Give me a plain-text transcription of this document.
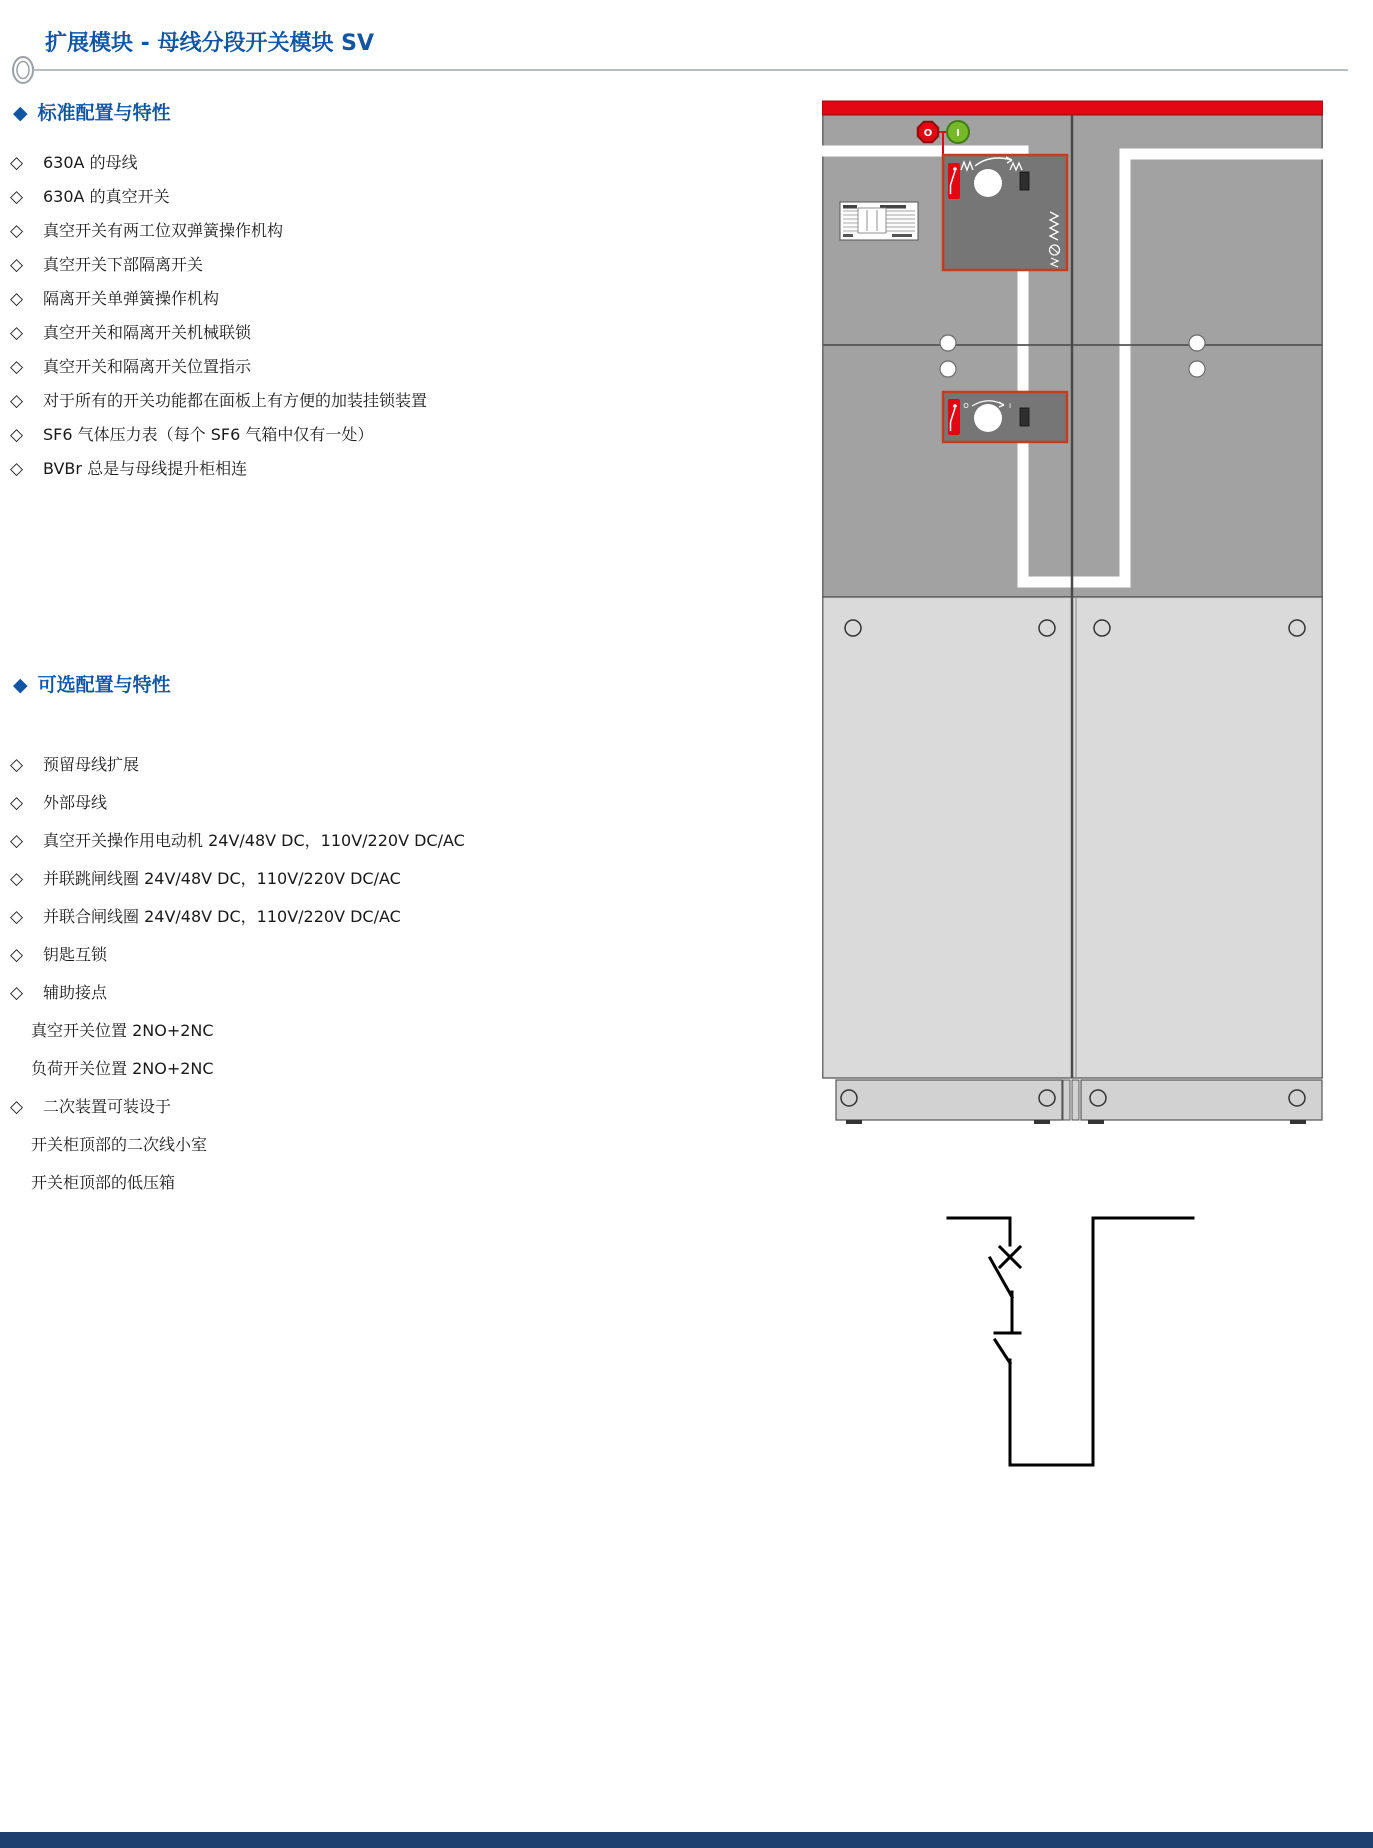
扩展模块 - 母线分段开关模块 SV
◆ 标准配置与特性
◇ 630A 的母线
◇ 630A 的真空开关
◇ 真空开关有两工位双弹簧操作机构
◇ 真空开关下部隔离开关
◇ 隔离开关单弹簧操作机构
◇ 真空开关和隔离开关机械联锁
◇ 真空开关和隔离开关位置指示
◇ 对于所有的开关功能都在面板上有方便的加装挂锁装置
◇ SF6 气体压力表（每个 SF6 气箱中仅有一处）
◇ BVBr 总是与母线提升柜相连
◆ 可选配置与特性
◇ 预留母线扩展
◇ 外部母线
◇ 真空开关操作用电动机 24V/48V DC，110V/220V DC/AC
◇ 并联跳闸线圈 24V/48V DC，110V/220V DC/AC
◇ 并联合闸线圈 24V/48V DC，110V/220V DC/AC
◇ 钥匙互锁
◇ 辅助接点
真空开关位置 2NO+2NC
负荷开关位置 2NO+2NC
◇ 二次装置可装设于
开关柜顶部的二次线小室
开关柜顶部的低压箱
O I
O	I
